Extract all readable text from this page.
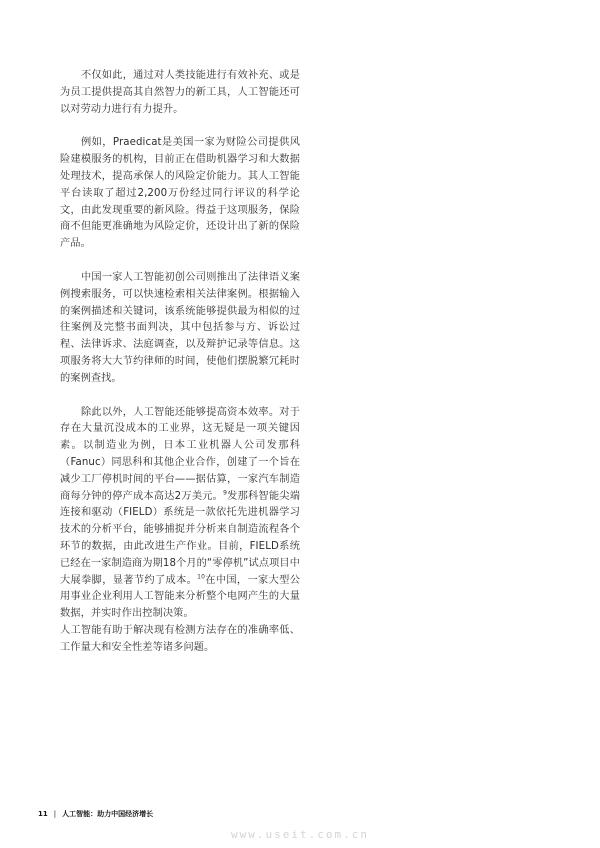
不仅如此，通过对人类技能进行有效补充、或是为员工提供提高其自然智力的新工具，人工智能还可以对劳动力进行有力提升。

例如，Praedicat是美国一家为财险公司提供风险建模服务的机构，目前正在借助机器学习和大数据处理技术，提高承保人的风险定价能力。其人工智能平台读取了超过2,200万份经过同行评议的科学论文，由此发现重要的新风险。得益于这项服务，保险商不但能更准确地为风险定价，还设计出了新的保险产品。

中国一家人工智能初创公司则推出了法律语义案例搜索服务，可以快速检索相关法律案例。根据输入的案例描述和关键词，该系统能够提供最为相似的过往案例及完整书面判决，其中包括参与方、诉讼过程、法律诉求、法庭调查，以及辩护记录等信息。这项服务将大大节约律师的时间，使他们摆脱繁冗耗时的案例查找。

除此以外，人工智能还能够提高资本效率。对于存在大量沉没成本的工业界，这无疑是一项关键因素。以制造业为例，日本工业机器人公司发那科（Fanuc）同思科和其他企业合作，创建了一个旨在减少工厂停机时间的平台——据估算，一家汽车制造商每分钟的停产成本高达2万美元。$^9$发那科智能尖端连接和驱动（FIELD）系统是一款依托先进机器学习技术的分析平台，能够捕捉并分析来自制造流程各个环节的数据，由此改进生产作业。目前，FIELD系统已经在一家制造商为期18个月的“零停机”试点项目中大展拳脚，显著节约了成本。$^{10}$在中国，一家大型公用事业企业利用人工智能来分析整个电网产生的大量数据，并实时作出控制决策。

人工智能有助于解决现有检测方法存在的准确率低、工作量大和安全性差等诸多问题。

11 | 人工智能：助力中国经济增长
www.useit.com.cn
